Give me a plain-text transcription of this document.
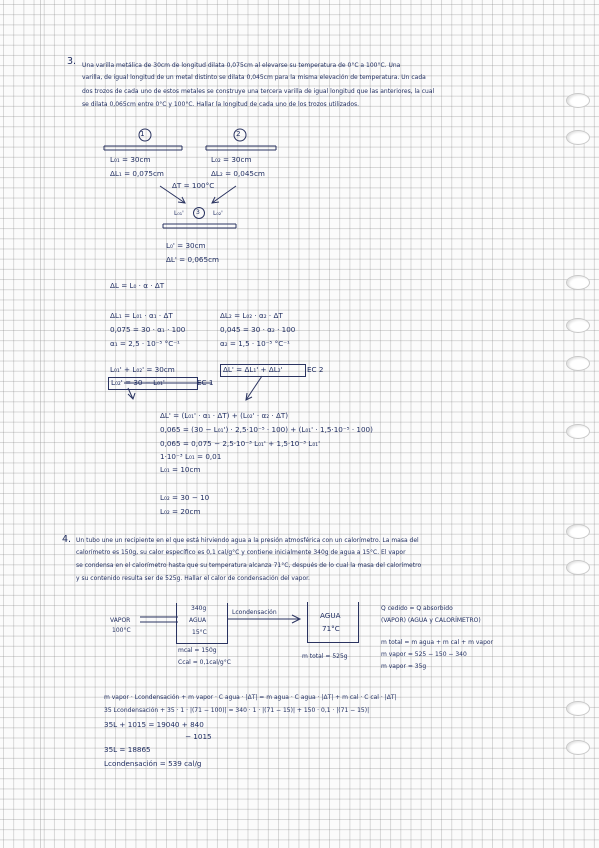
3. Una varilla metálica de 30cm de longitud dilata 0,075cm al elevarse su temperatura de 0°C a 100°C. Una
varilla, de igual longitud de un metal distinto se dilata 0,045cm para la misma elevación de temperatura. Un cada
dos trozos de cada uno de estos metales se construye una tercera varilla de igual longitud que las anteriores, la cual
se dilata 0,065cm entre 0°C y 100°C. Hallar la longitud de cada uno de los trozos utilizados.
1	2
L₀₁ = 30cm
ΔL₁ = 0,075cm
L₀₂ = 30cm
ΔL₂ = 0,045cm
ΔT = 100°C
L₀₁' 3 L₀₂'
L₀' = 30cm
ΔL' = 0,065cm
ΔL = L₀ · α · ΔT
ΔL₁ = L₀₁ · α₁ · ΔT
0,075 = 30 · α₁ · 100
α₁ = 2,5 · 10⁻⁵ °C⁻¹
ΔL₂ = L₀₂ · α₂ · ΔT
0,045 = 30 · α₂ · 100
α₂ = 1,5 · 10⁻⁵ °C⁻¹
L₀₁' + L₀₂' = 30cm
L₀₂' = 30 − L₀₁'	EC 1
ΔL' = ΔL₁' + ΔL₂'	EC 2
ΔL' = (L₀₁' · α₁ · ΔT) + (L₀₂' · α₂ · ΔT)
0,065 = (30 − L₀₁') · 2,5·10⁻⁵ · 100) + (L₀₁' · 1,5·10⁻⁵ · 100)
0,065 = 0,075 − 2,5·10⁻³ L₀₁' + 1,5·10⁻³ L₀₁'
1·10⁻³ L₀₁ = 0,01
L₀₁ = 10cm
L₀₂ = 30 − 10
L₀₂ = 20cm
4. Un tubo une un recipiente en el que está hirviendo agua a la presión atmosférica con un calorímetro. La masa del
calorímetro es 150g, su calor específico es 0,1 cal/g°C y contiene inicialmente 340g de agua a 15°C. El vapor
se condensa en el calorímetro hasta que su temperatura alcanza 71°C, después de lo cual la masa del calorímetro
y su contenido resulta ser de 525g. Hallar el calor de condensación del vapor.
VAPOR
100°C
340g
AGUA
15°C
Lcondensación	AGUA
71°C
mcal = 150g
Ccal = 0,1cal/g°C
m total = 525g
Q cedido = Q absorbido
(VAPOR) (AGUA y CALORÍMETRO)
m total = m agua + m cal + m vapor
m vapor = 525 − 150 − 340
m vapor = 35g
m vapor · Lcondensación + m vapor · C agua · |ΔT| = m agua · C agua · |ΔT| + m cal · C cal · |ΔT|
35 Lcondensación + 35 · 1 · |(71 − 100)| = 340 · 1 · |(71 − 15)| + 150 · 0,1 · |(71 − 15)|
35L + 1015 = 19040 + 840
− 1015
35L = 18865
Lcondensación = 539 cal/g
